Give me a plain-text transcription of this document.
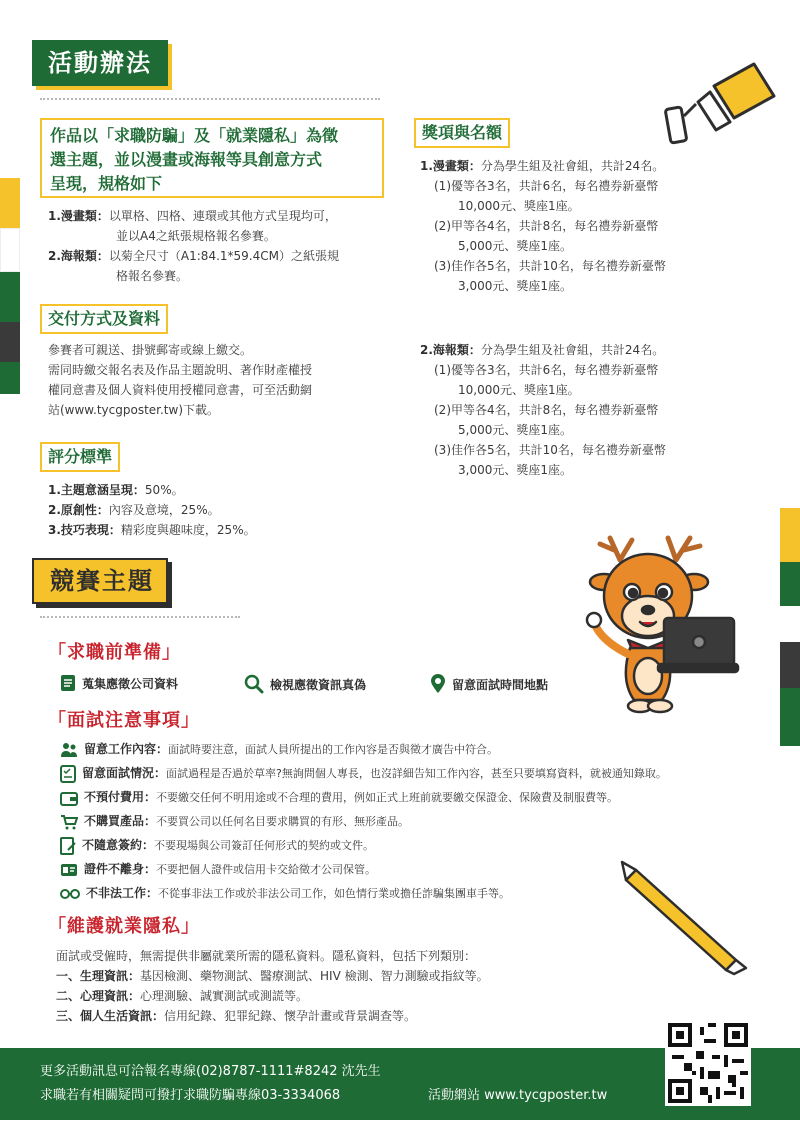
活動辦法
作品以「求職防騙」及「就業隱私」為徵
選主題，並以漫畫或海報等具創意方式
呈現，規格如下
1.漫畫類：以單格、四格、連環或其他方式呈現均可，
並以A4之紙張規格報名參賽。
2.海報類：以菊全尺寸（A1:84.1*59.4CM）之紙張規
格報名參賽。
交付方式及資料
參賽者可親送、掛號郵寄或線上繳交。
需同時繳交報名表及作品主題說明、著作財產權授
權同意書及個人資料使用授權同意書，可至活動網
站(www.tycgposter.tw)下載。
評分標準
1.主題意涵呈現：50%。
2.原創性：內容及意境，25%。
3.技巧表現：精彩度與趣味度，25%。
獎項與名額
1.漫畫類：分為學生組及社會組，共計24名。
(1)優等各3名，共計6名，每名禮券新臺幣
10,000元、獎座1座。
(2)甲等各4名，共計8名，每名禮券新臺幣
5,000元、獎座1座。
(3)佳作各5名，共計10名，每名禮券新臺幣
3,000元、獎座1座。
2.海報類：分為學生組及社會組，共計24名。
(1)優等各3名，共計6名，每名禮券新臺幣
10,000元、獎座1座。
(2)甲等各4名，共計8名，每名禮券新臺幣
5,000元、獎座1座。
(3)佳作各5名，共計10名，每名禮券新臺幣
3,000元、獎座1座。
競賽主題
「求職前準備」
蒐集應徵公司資料	檢視應徵資訊真偽	留意面試時間地點
「面試注意事項」
留意工作內容：面試時要注意，面試人員所提出的工作內容是否與徵才廣告中符合。
留意面試情況：面試過程是否過於草率?無詢問個人專長，也沒詳細告知工作內容，甚至只要填寫資料，就被通知錄取。
不預付費用：不要繳交任何不明用途或不合理的費用，例如正式上班前就要繳交保證金、保險費及制服費等。
不購買產品：不要買公司以任何名目要求購買的有形、無形產品。
不隨意簽約：不要現場與公司簽訂任何形式的契約或文件。
證件不離身：不要把個人證件或信用卡交給徵才公司保管。
不非法工作：不從事非法工作或於非法公司工作，如色情行業或擔任詐騙集團車手等。
「維護就業隱私」
面試或受僱時，無需提供非屬就業所需的隱私資料。隱私資料，包括下列類別：
一、生理資訊：基因檢測、藥物測試、醫療測試、HIV 檢測、智力測驗或指紋等。
二、心理資訊：心理測驗、誠實測試或測謊等。
三、個人生活資訊：信用紀錄、犯罪紀錄、懷孕計畫或背景調查等。
更多活動訊息可洽報名專線(02)8787-1111#8242 沈先生
求職若有相關疑問可撥打求職防騙專線03-3334068	活動網站 www.tycgposter.tw
